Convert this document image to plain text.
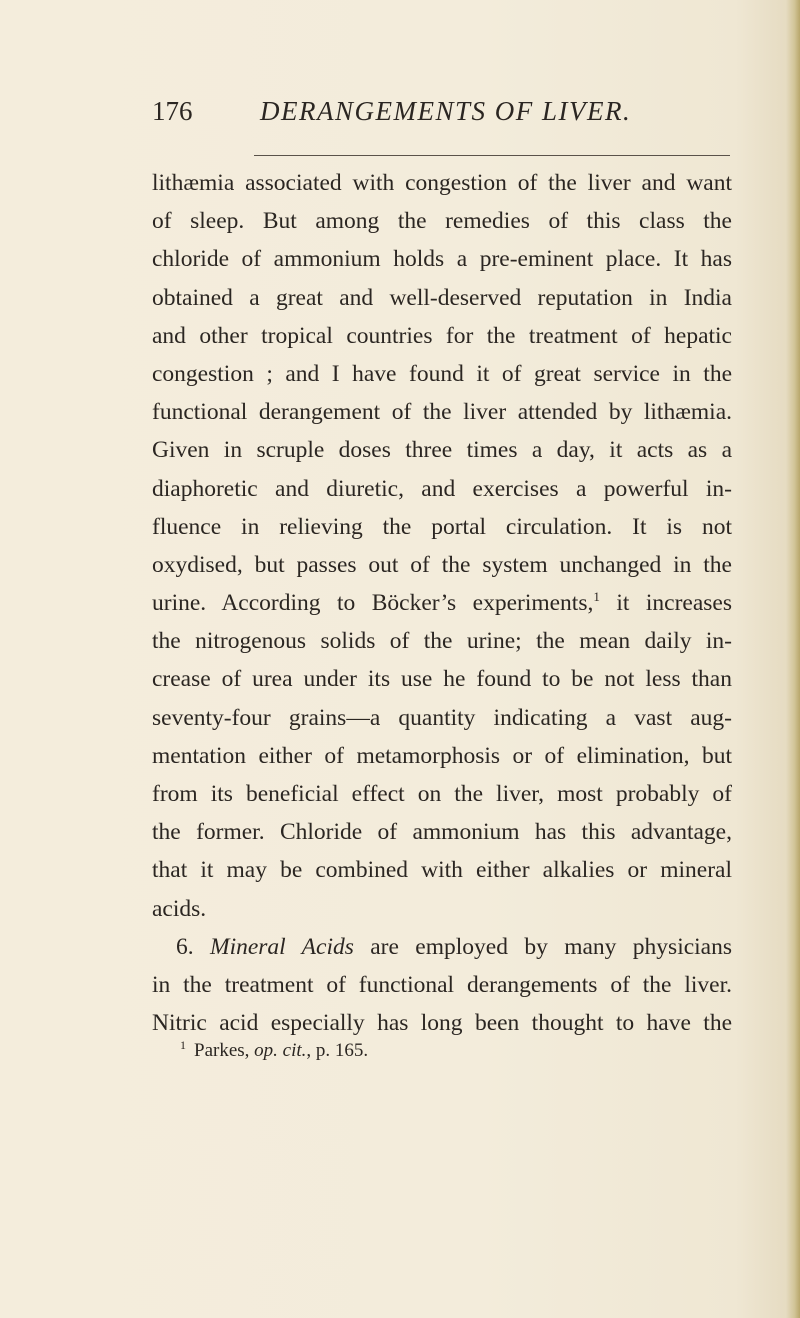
176	DERANGEMENTS OF LIVER.
lithæmia associated with congestion of the liver and want
of sleep. But among the remedies of this class the
chloride of ammonium holds a pre-eminent place. It has
obtained a great and well-deserved reputation in India
and other tropical countries for the treatment of hepatic
congestion ; and I have found it of great service in the
functional derangement of the liver attended by lithæmia.
Given in scruple doses three times a day, it acts as a
diaphoretic and diuretic, and exercises a powerful in-
fluence in relieving the portal circulation. It is not
oxydised, but passes out of the system unchanged in the
urine. According to Böcker’s experiments,$^1$ it increases
the nitrogenous solids of the urine; the mean daily in-
crease of urea under its use he found to be not less than
seventy-four grains—a quantity indicating a vast aug-
mentation either of metamorphosis or of elimination, but
from its beneficial effect on the liver, most probably of
the former. Chloride of ammonium has this advantage,
that it may be combined with either alkalies or mineral
acids.
6. Mineral Acids are employed by many physicians
in the treatment of functional derangements of the liver.
Nitric acid especially has long been thought to have the
$^1$ Parkes, op. cit., p. 165.
